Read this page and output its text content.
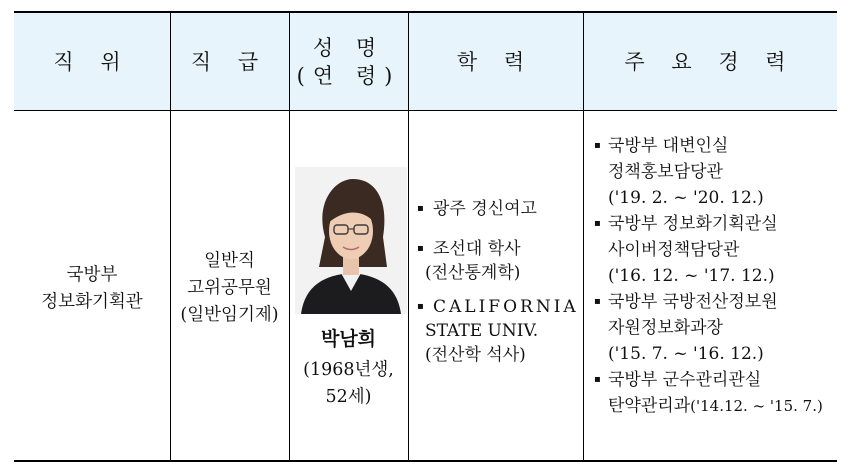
직 위	직 급
성 명
(연 령)
학 력	주 요 경 력
국방부
정보화기획관
일반직
고위공무원
(일반임기제)
박남희
(1968년생,
52세)
▪ 광주 경신여고
▪ 조선대 학사
(전산통계학)
▪ CALIFORNIA
STATE UNIV.
(전산학 석사)
▪ 국방부 대변인실
정책홍보담당관
('19. 2. ~ '20. 12.)
▪ 국방부 정보화기획관실
사이버정책담당관
('16. 12. ~ '17. 12.)
▪ 국방부 국방전산정보원
자원정보화과장
('15. 7. ~ '16. 12.)
▪ 국방부 군수관리관실
탄약관리과 ('14.12. ~ '15. 7.)
